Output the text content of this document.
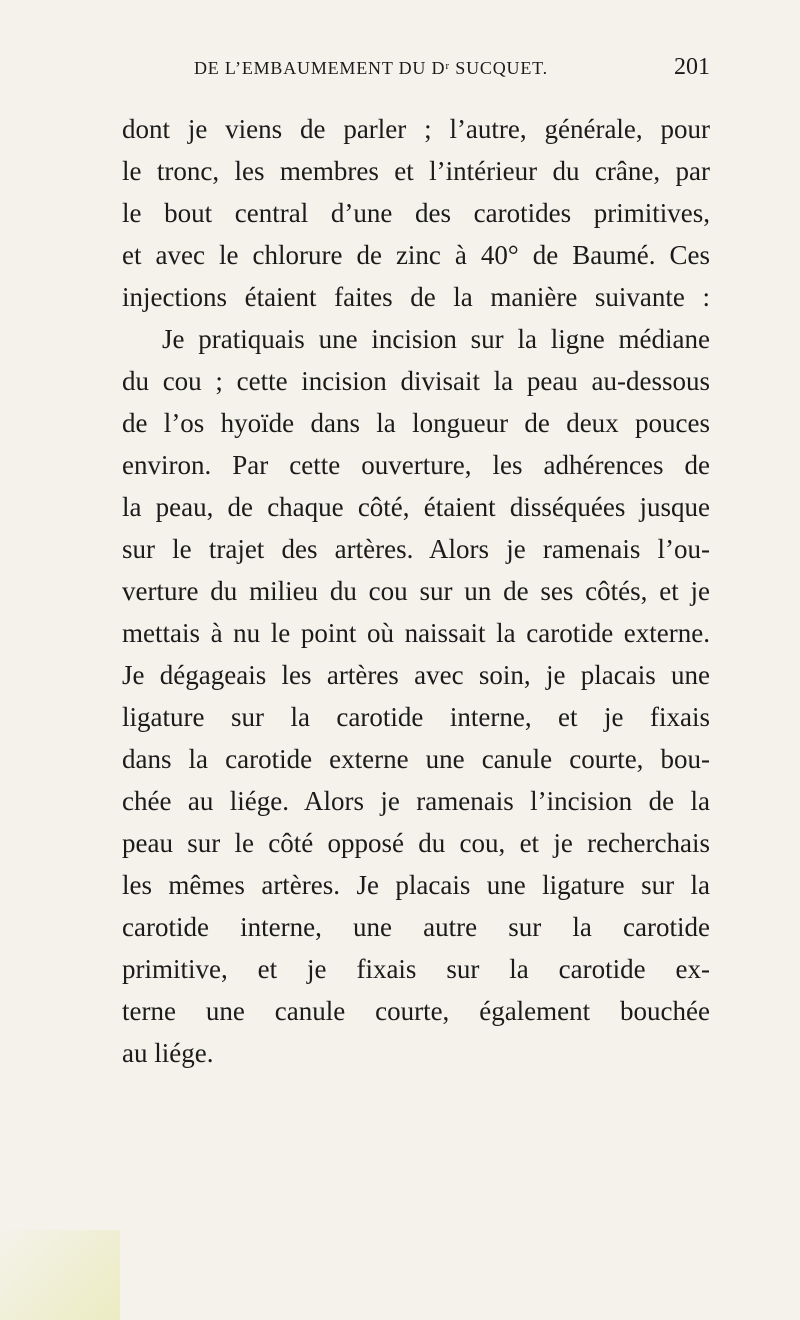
DE L’EMBAUMEMENT DU Dʳ SUCQUET.	201
dont je viens de parler ; l’autre, générale, pour
le tronc, les membres et l’intérieur du crâne, par
le bout central d’une des carotides primitives,
et avec le chlorure de zinc à 40° de Baumé. Ces
injections étaient faites de la manière suivante :
Je pratiquais une incision sur la ligne médiane
du cou ; cette incision divisait la peau au-dessous
de l’os hyoïde dans la longueur de deux pouces
environ. Par cette ouverture, les adhérences de
la peau, de chaque côté, étaient disséquées jusque
sur le trajet des artères. Alors je ramenais l’ou-
verture du milieu du cou sur un de ses côtés, et je
mettais à nu le point où naissait la carotide externe.
Je dégageais les artères avec soin, je placais une
ligature sur la carotide interne, et je fixais
dans la carotide externe une canule courte, bou-
chée au liége. Alors je ramenais l’incision de la
peau sur le côté opposé du cou, et je recherchais
les mêmes artères. Je placais une ligature sur la
carotide interne, une autre sur la carotide
primitive, et je fixais sur la carotide ex-
terne une canule courte, également bouchée
au liége.
